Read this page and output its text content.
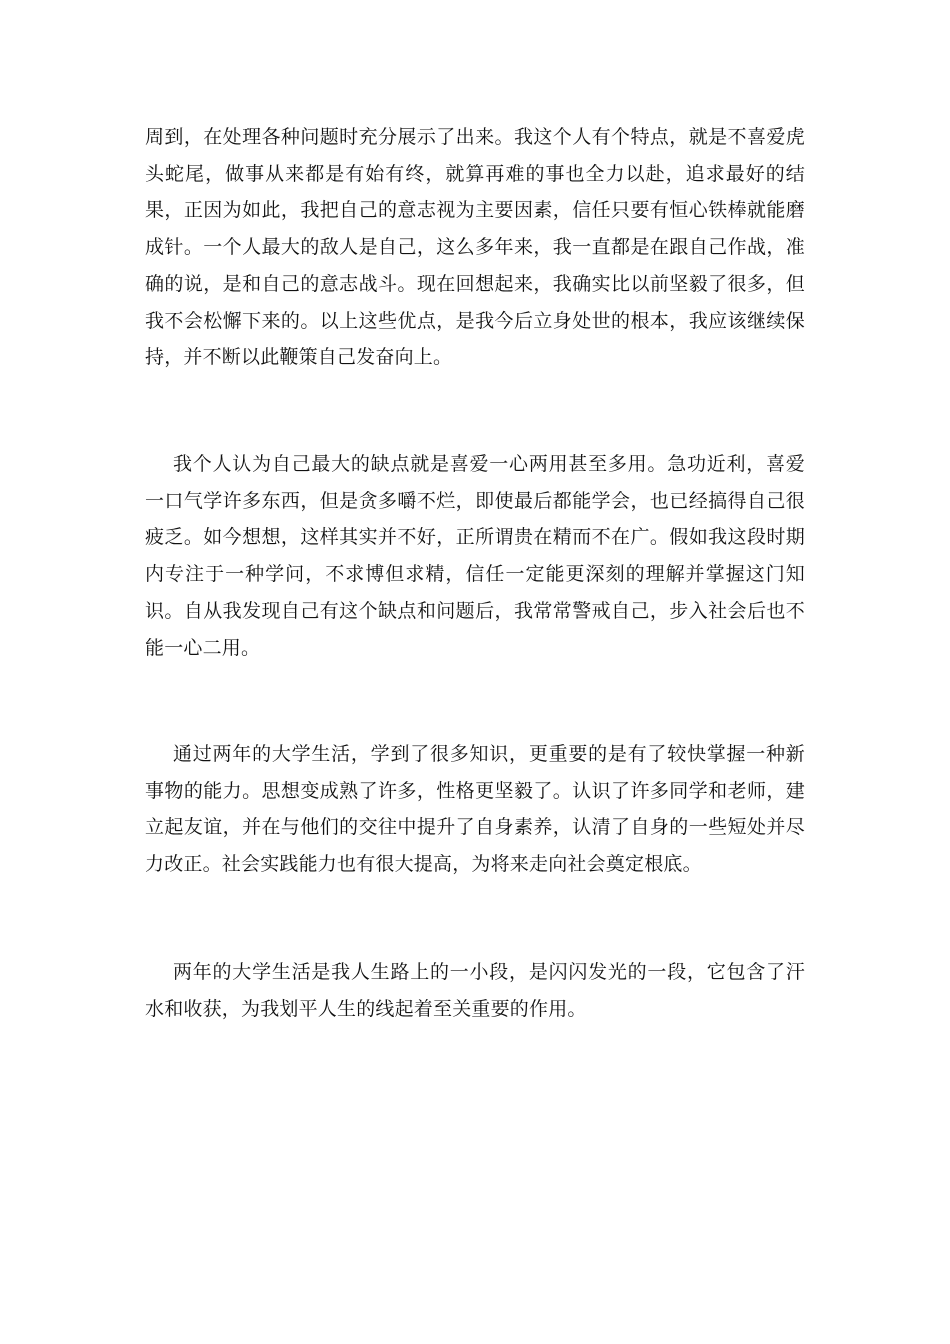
周到，在处理各种问题时充分展示了出来。我这个人有个特点，就是不喜爱虎头蛇尾，做事从来都是有始有终，就算再难的事也全力以赴，追求最好的结果，正因为如此，我把自己的意志视为主要因素，信任只要有恒心铁棒就能磨成针。一个人最大的敌人是自己，这么多年来，我一直都是在跟自己作战，准确的说，是和自己的意志战斗。现在回想起来，我确实比以前坚毅了很多，但我不会松懈下来的。以上这些优点，是我今后立身处世的根本，我应该继续保持，并不断以此鞭策自己发奋向上。

我个人认为自己最大的缺点就是喜爱一心两用甚至多用。急功近利，喜爱一口气学许多东西，但是贪多嚼不烂，即使最后都能学会，也已经搞得自己很疲乏。如今想想，这样其实并不好，正所谓贵在精而不在广。假如我这段时期内专注于一种学问，不求博但求精，信任一定能更深刻的理解并掌握这门知识。自从我发现自己有这个缺点和问题后，我常常警戒自己，步入社会后也不能一心二用。

通过两年的大学生活，学到了很多知识，更重要的是有了较快掌握一种新事物的能力。思想变成熟了许多，性格更坚毅了。认识了许多同学和老师，建立起友谊，并在与他们的交往中提升了自身素养，认清了自身的一些短处并尽力改正。社会实践能力也有很大提高，为将来走向社会奠定根底。

两年的大学生活是我人生路上的一小段，是闪闪发光的一段，它包含了汗水和收获，为我划平人生的线起着至关重要的作用。
